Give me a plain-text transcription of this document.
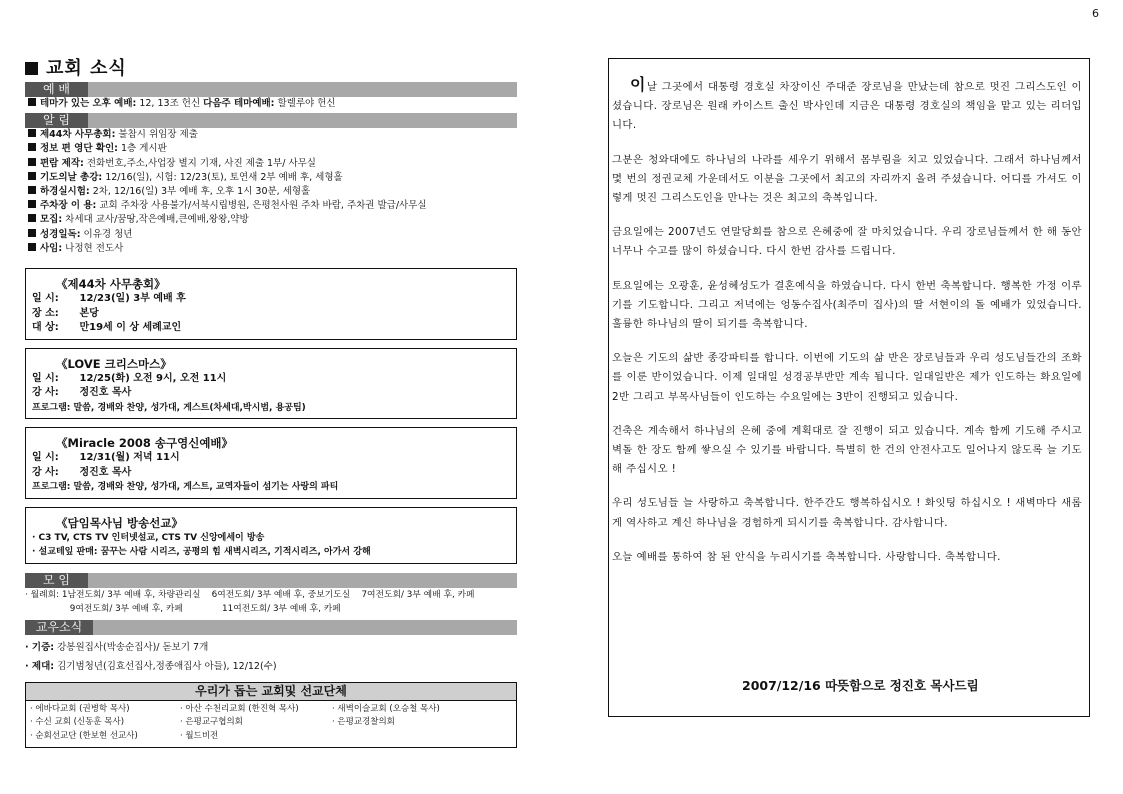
6
교회 소식
예 배
테마가 있는 오후 예배: 12, 13조 헌신 다음주 테마예배: 할렐루야 헌신
알 림
제44차 사무총회: 불참시 위임장 제출
정보 편 영단 확인: 1층 게시판
편람 제작: 전화번호,주소,사업장 별지 기재, 사진 제출 1부/ 사무실
기도의날 총강: 12/16(일), 시험: 12/23(토), 토연새 2부 예배 후, 세형홀
하경실시험: 2차, 12/16(일) 3부 예배 후, 오후 1시 30분, 세형홀
주차장 이 용: 교회 주차장 사용불가/서북시립병원, 은평천사원 주차 바람, 주차권 발급/사무실
모집: 차세대 교사/꿈땅,작은예배,큰예배,왕왕,약방
성경일독: 이유경 청년
사임: 나정현 전도사
《제44차 사무총회》
일 시: 12/23(일) 3부 예배 후
장 소: 본당
대 상: 만19세 이 상 세례교인
《LOVE 크리스마스》
일 시: 12/25(화) 오전 9시, 오전 11시
강 사: 정진호 목사
프로그램: 말씀, 경배와 찬양, 성가대, 게스트(차세대,박시범, 용공팀)
《Miracle 2008 송구영신예배》
일 시: 12/31(월) 저녁 11시
강 사: 정진호 목사
프로그램: 말씀, 경배와 찬양, 성가대, 게스트, 교역자들이 섬기는 사랑의 파티
《담임목사님 방송선교》
· C3 TV, CTS TV 인터넷설교, CTS TV 신앙에세이 방송
· 설교테잎 판매: 꿈꾸는 사람 시리즈, 공평의 힘 새벽시리즈, 기적시리즈, 아가서 강해
모 임
· 월례회: 1남전도회/ 3부 예배 후, 차량관리실    6여전도회/ 3부 예배 후, 중보기도실    7여전도회/ 3부 예배 후, 카페
9여전도회/ 3부 예배 후, 카페              11여전도회/ 3부 예배 후, 카페
교우소식
· 기증: 강봉원집사(박송순집사)/ 돋보기 7개
· 제대: 김기범청년(김효선집사,정종애집사 아들), 12/12(수)
우리가 돕는 교회및 선교단체
· 에바다교회 (권병학 목사)	· 아산 수천리교회 (한진혁 목사)	· 새벽이슬교회 (오승철 목사)
· 수신 교회 (신동훈 목사)	· 은평교구협의회	· 은평교경찰의회
· 순회선교단 (한보현 선교사)	· 월드비전
이날 그곳에서 대통령 경호실 차장이신 주대준 장로님을 만났는데 참으로 멋진 그리스도인 이셨습니다. 장로님은 원래 카이스트 출신 박사인데 지금은 대통령 경호실의 책임을 맡고 있는 리더입니다.
그분은 청와대에도 하나님의 나라를 세우기 위해서 몸부림을 치고 있었습니다. 그래서 하나님께서 몇 번의 정권교체 가운데서도 이분을 그곳에서 최고의 자리까지 올려 주셨습니다. 어디를 가셔도 이렇게 멋진 그리스도인을 만나는 것은 최고의 축복입니다.
금요일에는 2007년도 연말당회를 참으로 은혜중에 잘 마치었습니다. 우리 장로님들께서 한 해 동안 너무나 수고를 많이 하셨습니다. 다시 한번 감사를 드립니다.
토요일에는 오광훈, 윤성혜성도가 결혼예식을 하였습니다. 다시 한번 축복합니다. 행복한 가정 이루기를 기도합니다. 그리고 저녁에는 엉동수집사(최주미 집사)의 딸 서현이의 돌 예배가 있었습니다. 훌륭한 하나님의 딸이 되기를 축복합니다.
오늘은 기도의 삶반 종강파티를 합니다. 이번에 기도의 삶 반은 장로님들과 우리 성도님들간의 조화를 이룬 반이었습니다. 이제 일대일 성경공부반만 계속 됩니다. 일대일반은 제가 인도하는 화요일에 2반 그리고 부목사님들이 인도하는 수요일에는 3반이 진행되고 있습니다.
건축은 계속해서 하나님의 은혜 중에 계획대로 잘 진행이 되고 있습니다. 계속 함께 기도해 주시고 벽돌 한 장도 함께 쌓으실 수 있기를 바랍니다. 특별히 한 건의 안전사고도 일어나지 않도록 늘 기도해 주십시오 !
우리 성도님들 늘 사랑하고 축복합니다. 한주간도 행복하십시오 ! 화잇팅 하십시오 ! 새벽마다 새롭게 역사하고 계신 하나님을 경험하게 되시기를 축복합니다. 감사합니다.
오늘 예배를 통하여 참 된 안식을 누리시기를 축복합니다. 사랑합니다. 축복합니다.
2007/12/16 따뜻함으로 정진호 목사드림
